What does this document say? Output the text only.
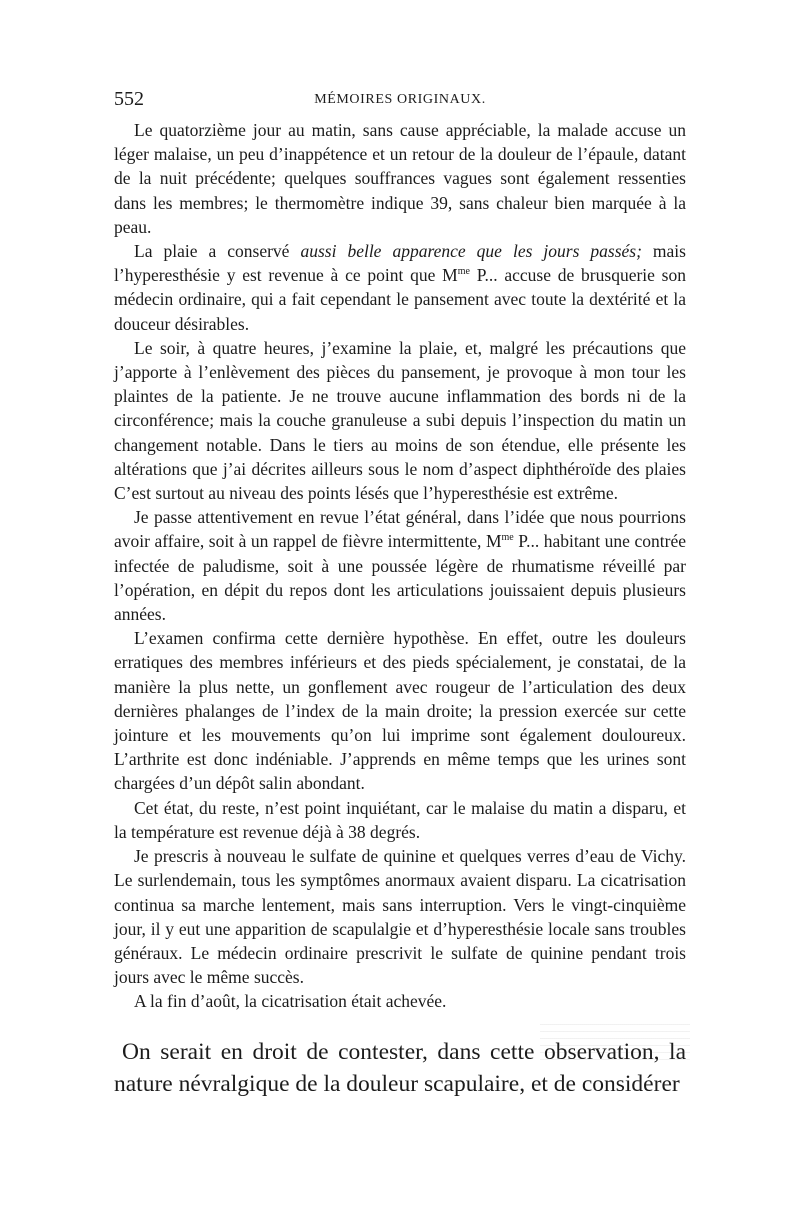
552	MÉMOIRES ORIGINAUX.

Le quatorzième jour au matin, sans cause appréciable, la malade accuse un léger malaise, un peu d’inappétence et un retour de la douleur de l’épaule, datant de la nuit précédente; quelques souffrances vagues sont également ressenties dans les membres; le thermomètre indique 39, sans chaleur bien marquée à la peau.

La plaie a conservé aussi belle apparence que les jours passés; mais l’hyperesthésie y est revenue à ce point que $M^{me}$ P... accuse de brusquerie son médecin ordinaire, qui a fait cependant le pansement avec toute la dextérité et la douceur désirables.

Le soir, à quatre heures, j’examine la plaie, et, malgré les précautions que j’apporte à l’enlèvement des pièces du pansement, je provoque à mon tour les plaintes de la patiente. Je ne trouve aucune inflammation des bords ni de la circonférence; mais la couche granuleuse a subi depuis l’inspection du matin un changement notable. Dans le tiers au moins de son étendue, elle présente les altérations que j’ai décrites ailleurs sous le nom d’aspect diphthéroïde des plaies C’est surtout au niveau des points lésés que l’hyperesthésie est extrême.

Je passe attentivement en revue l’état général, dans l’idée que nous pourrions avoir affaire, soit à un rappel de fièvre intermittente, $M^{me}$ P... habitant une contrée infectée de paludisme, soit à une poussée légère de rhumatisme réveillé par l’opération, en dépit du repos dont les articulations jouissaient depuis plusieurs années.

L’examen confirma cette dernière hypothèse. En effet, outre les douleurs erratiques des membres inférieurs et des pieds spécialement, je constatai, de la manière la plus nette, un gonflement avec rougeur de l’articulation des deux dernières phalanges de l’index de la main droite; la pression exercée sur cette jointure et les mouvements qu’on lui imprime sont également douloureux. L’arthrite est donc indéniable. J’apprends en même temps que les urines sont chargées d’un dépôt salin abondant.

Cet état, du reste, n’est point inquiétant, car le malaise du matin a disparu, et la température est revenue déjà à 38 degrés.

Je prescris à nouveau le sulfate de quinine et quelques verres d’eau de Vichy. Le surlendemain, tous les symptômes anormaux avaient disparu. La cicatrisation continua sa marche lentement, mais sans interruption. Vers le vingt-cinquième jour, il y eut une apparition de scapulalgie et d’hyperesthésie locale sans troubles généraux. Le médecin ordinaire prescrivit le sulfate de quinine pendant trois jours avec le même succès.

A la fin d’août, la cicatrisation était achevée.

On serait en droit de contester, dans cette observation, la nature névralgique de la douleur scapulaire, et de considérer
